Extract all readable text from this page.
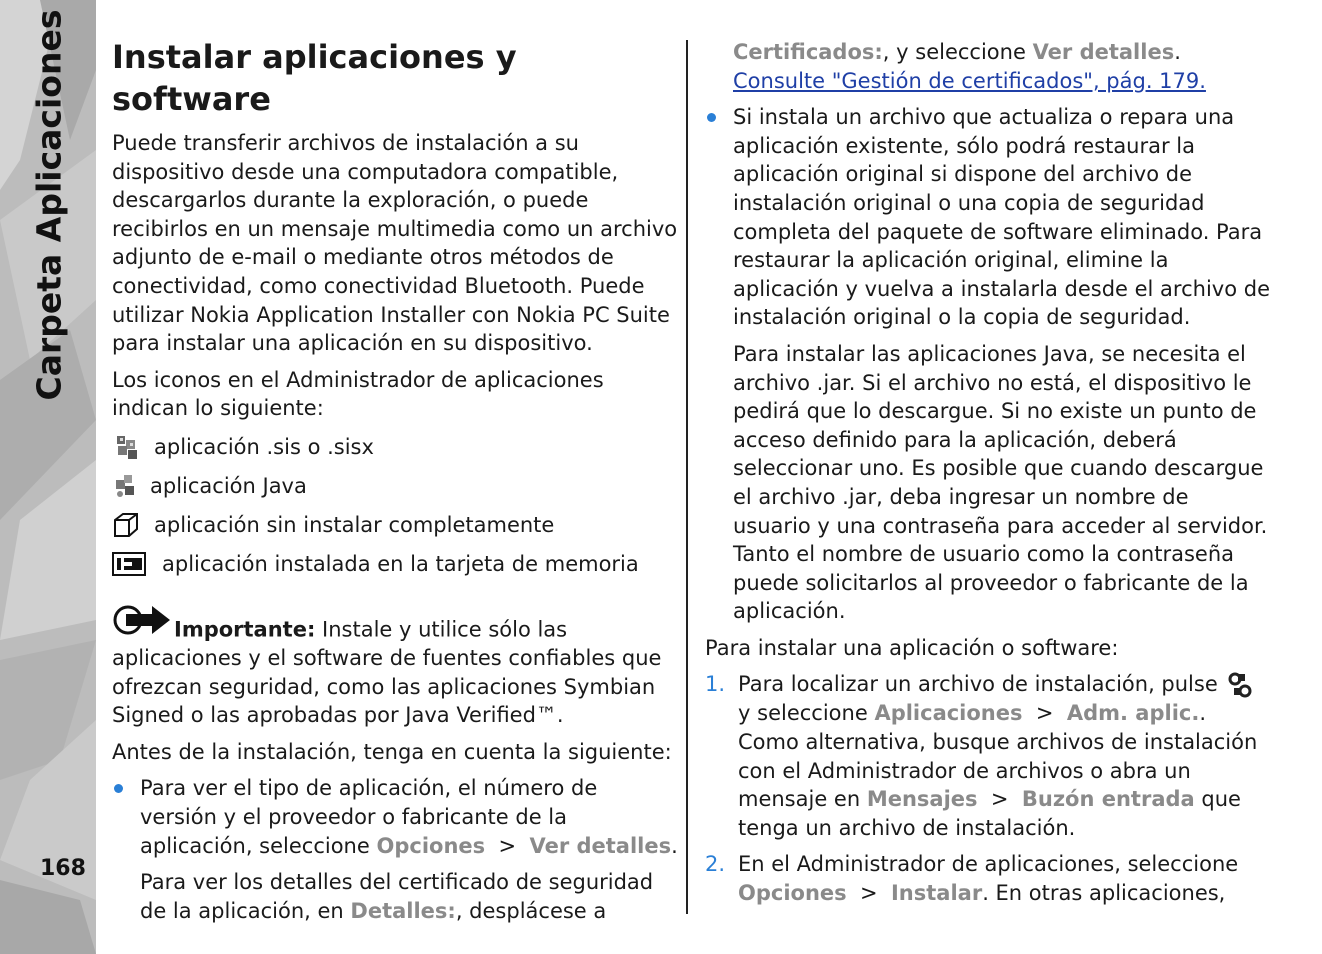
Carpeta Aplicaciones
168
Instalar aplicaciones y software

Puede transferir archivos de instalación a su dispositivo desde una computadora compatible, descargarlos durante la exploración, o puede recibirlos en un mensaje multimedia como un archivo adjunto de e-mail o mediante otros métodos de conectividad, como conectividad Bluetooth. Puede utilizar Nokia Application Installer con Nokia PC Suite para instalar una aplicación en su dispositivo.

Los iconos en el Administrador de aplicaciones indican lo siguiente:

aplicación .sis o .sisx
aplicación Java
aplicación sin instalar completamente
aplicación instalada en la tarjeta de memoria

Importante: Instale y utilice sólo las aplicaciones y el software de fuentes confiables que ofrezcan seguridad, como las aplicaciones Symbian Signed o las aprobadas por Java Verified™.

Antes de la instalación, tenga en cuenta la siguiente:

Para ver el tipo de aplicación, el número de versión y el proveedor o fabricante de la aplicación, seleccione Opciones > Ver detalles.

Para ver los detalles del certificado de seguridad de la aplicación, en Detalles:, desplácese a

Certificados:, y seleccione Ver detalles. Consulte "Gestión de certificados", pág. 179.

Si instala un archivo que actualiza o repara una aplicación existente, sólo podrá restaurar la aplicación original si dispone del archivo de instalación original o una copia de seguridad completa del paquete de software eliminado. Para restaurar la aplicación original, elimine la aplicación y vuelva a instalarla desde el archivo de instalación original o la copia de seguridad.

Para instalar las aplicaciones Java, se necesita el archivo .jar. Si el archivo no está, el dispositivo le pedirá que lo descargue. Si no existe un punto de acceso definido para la aplicación, deberá seleccionar uno. Es posible que cuando descargue el archivo .jar, deba ingresar un nombre de usuario y una contraseña para acceder al servidor. Tanto el nombre de usuario como la contraseña puede solicitarlos al proveedor o fabricante de la aplicación.

Para instalar una aplicación o software:

1. Para localizar un archivo de instalación, pulsey seleccione Aplicaciones > Adm. aplic.. Como alternativa, busque archivos de instalación con el Administrador de archivos o abra un mensaje en Mensajes > Buzón entrada que tenga un archivo de instalación.

2. En el Administrador de aplicaciones, seleccione Opciones > Instalar. En otras aplicaciones,
